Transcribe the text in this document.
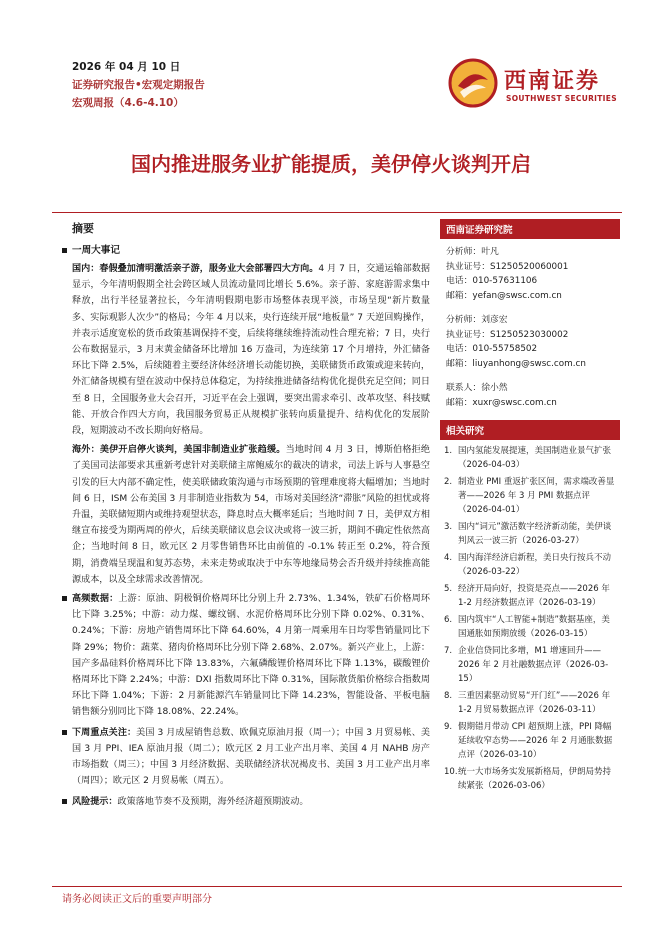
2026 年 04 月 10 日
证券研究报告•宏观定期报告
宏观周报（4.6-4.10）
西南证券
SOUTHWEST SECURITIES
国内推进服务业扩能提质，美伊停火谈判开启
摘要
一周大事记

国内：春假叠加清明激活亲子游，服务业大会部署四大方向。4 月 7 日，交通运输部数据显示，今年清明假期全社会跨区域人员流动量同比增长 5.6%。亲子游、家庭游需求集中释放，出行半径显著拉长，今年清明假期电影市场整体表现平淡，市场呈现“新片数量多、实际观影人次少”的格局；今年 4 月以来，央行连续开展“地板量” 7 天逆回购操作，并表示适度宽松的货币政策基调保持不变，后续将继续维持流动性合理充裕；7 日，央行公布数据显示，3 月末黄金储备环比增加 16 万盎司，为连续第 17 个月增持，外汇储备环比下降 2.5%，后续随着主要经济体经济增长动能切换，美联储货币政策或迎来转向，外汇储备规模有望在波动中保持总体稳定，为持续推进储备结构优化提供充足空间；同日至 8 日，全国服务业大会召开，习近平在会上强调，要突出需求牵引、改革攻坚、科技赋能、开放合作四大方向，我国服务贸易正从规模扩张转向质量提升、结构优化的发展阶段，短期波动不改长期向好格局。

海外：美伊开启停火谈判，美国非制造业扩张趋缓。当地时间 4 月 3 日，博斯伯格拒绝了美国司法部要求其重新考虑针对美联储主席鲍威尔的裁决的请求，司法上诉与人事悬空引发的巨大内部不确定性，使美联储政策沟通与市场预期的管理难度将大幅增加；当地时间 6 日，ISM 公布美国 3 月非制造业指数为 54，市场对美国经济“滞胀”风险的担忧或将升温，美联储短期内或维持观望状态，降息时点大概率延后；当地时间 7 日，美伊双方相继宣布接受为期两周的停火，后续美联储议息会议决或将一波三折，期间不确定性依然高企；当地时间 8 日，欧元区 2 月零售销售环比由前值的 -0.1% 转正至 0.2%，符合预期，消费端呈现温和复苏态势，未来走势或取决于中东等地缘局势会否升级并持续推高能源成本，以及全球需求改善情况。

高频数据：上游：原油、阴极铜价格周环比分别上升 2.73%、1.34%，铁矿石价格周环比下降 3.25%；中游：动力煤、螺纹钢、水泥价格周环比分别下降 0.02%、0.31%、0.24%；下游：房地产销售周环比下降 64.60%，4 月第一周乘用车日均零售销量同比下降 29%；物价：蔬菜、猪肉价格周环比分别下降 2.68%、2.07%。新兴产业上，上游：国产多晶硅料价格周环比下降 13.83%，六氟磷酸锂价格周环比下降 1.13%，碳酸锂价格周环比下降 2.24%；中游：DXI 指数周环比下降 0.31%，国际散货船价格综合指数周环比下降 1.04%；下游：2 月新能源汽车销量同比下降 14.23%，智能设备、平板电脑销售额分别同比下降 18.08%、22.24%。

下周重点关注：美国 3 月成屋销售总数、欧佩克原油月报（周一）；中国 3 月贸易帐、美国 3 月 PPI、IEA 原油月报（周二）；欧元区 2 月工业产出月率、美国 4 月 NAHB 房产市场指数（周三）；中国 3 月经济数据、美联储经济状况褐皮书、美国 3 月工业产出月率（周四）；欧元区 2 月贸易帐（周五）。

风险提示：政策落地节奏不及预期，海外经济超预期波动。

西南证券研究院
分析师：叶凡
执业证号：S1250520060001
电话：010-57631106
邮箱：yefan@swsc.com.cn
分析师：刘彦宏
执业证号：S1250523030002
电话：010-55758502
邮箱：liuyanhong@swsc.com.cn
联系人：徐小然
邮箱：xuxr@swsc.com.cn
相关研究
1. 国内氢能发展提速，美国制造业景气扩张（2026-04-03）
2. 制造业 PMI 重返扩张区间，需求端改善显著——2026 年 3 月 PMI 数据点评（2026-04-01）
3. 国内“词元”激活数字经济新动能，美伊谈判风云一波三折（2026-03-27）
4. 国内海洋经济启新程，美日央行按兵不动（2026-03-22）
5. 经济开局向好，投资是亮点——2026 年 1-2 月经济数据点评（2026-03-19）
6. 国内筑牢“人工智能+制造”数据基座，美国通胀如预期放缓（2026-03-15）
7. 企业信贷同比多增，M1 增速回升——2026 年 2 月社融数据点评（2026-03-15）
8. 三重因素驱动贸易“开门红”——2026 年 1-2 月贸易数据点评（2026-03-11）
9. 假期错月带动 CPI 超预期上涨，PPI 降幅延续收窄态势——2026 年 2 月通胀数据点评（2026-03-10）
10. 统一大市场务实发展新格局，伊朗局势持续紧张（2026-03-06）
请务必阅读正文后的重要声明部分
